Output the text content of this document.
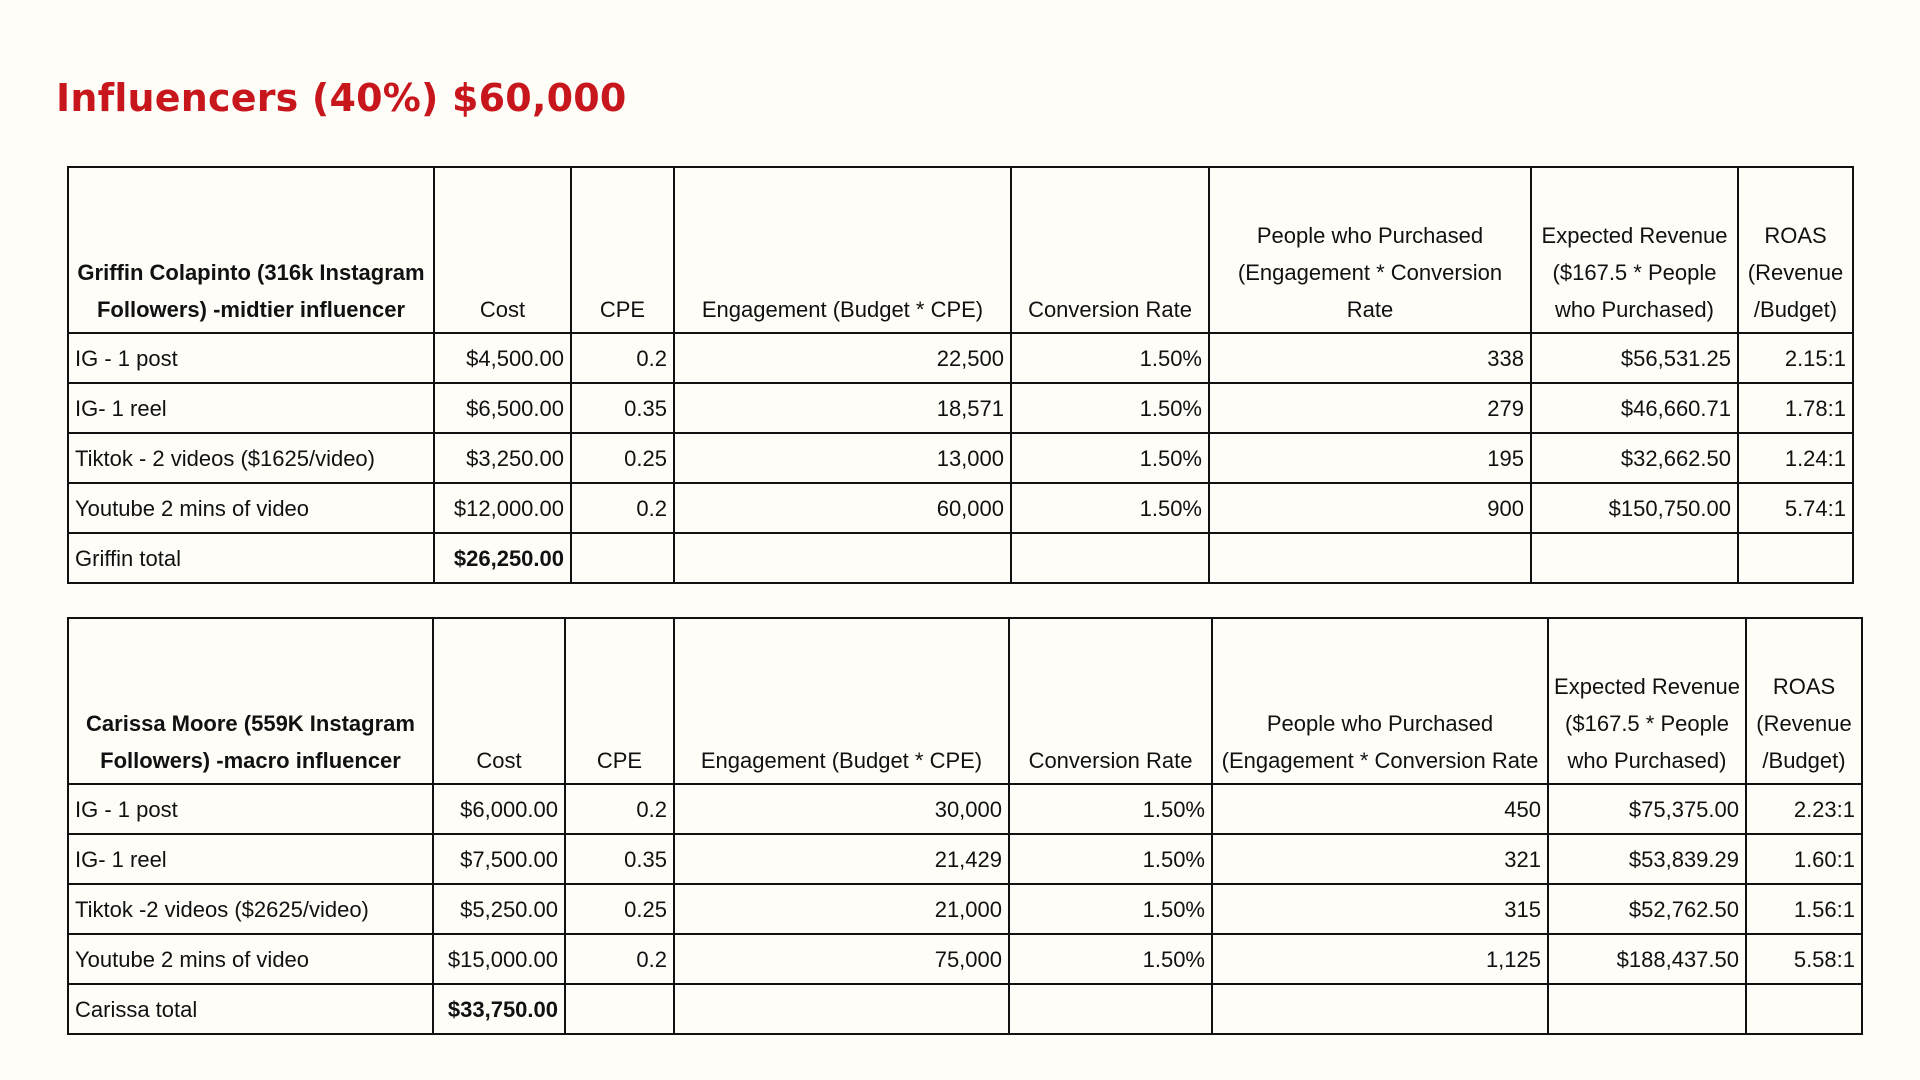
Influencers (40%) $60,000
Griffin Colapinto (316k Instagram Followers) -midtier influencer	Cost	CPE	Engagement (Budget * CPE)	Conversion Rate	People who Purchased (Engagement * Conversion Rate	Expected Revenue ($167.5 * People who Purchased)	ROAS (Revenue /Budget)
IG - 1 post	$4,500.00	0.2	22,500	1.50%	338	$56,531.25	2.15:1
IG- 1 reel	$6,500.00	0.35	18,571	1.50%	279	$46,660.71	1.78:1
Tiktok - 2 videos ($1625/video)	$3,250.00	0.25	13,000	1.50%	195	$32,662.50	1.24:1
Youtube 2 mins of video	$12,000.00	0.2	60,000	1.50%	900	$150,750.00	5.74:1
Griffin total	$26,250.00						
Carissa Moore (559K Instagram Followers) -macro influencer	Cost	CPE	Engagement (Budget * CPE)	Conversion Rate	People who Purchased (Engagement * Conversion Rate	Expected Revenue ($167.5 * People who Purchased)	ROAS (Revenue /Budget)
IG - 1 post	$6,000.00	0.2	30,000	1.50%	450	$75,375.00	2.23:1
IG- 1 reel	$7,500.00	0.35	21,429	1.50%	321	$53,839.29	1.60:1
Tiktok -2 videos ($2625/video)	$5,250.00	0.25	21,000	1.50%	315	$52,762.50	1.56:1
Youtube 2 mins of video	$15,000.00	0.2	75,000	1.50%	1,125	$188,437.50	5.58:1
Carissa total	$33,750.00						
